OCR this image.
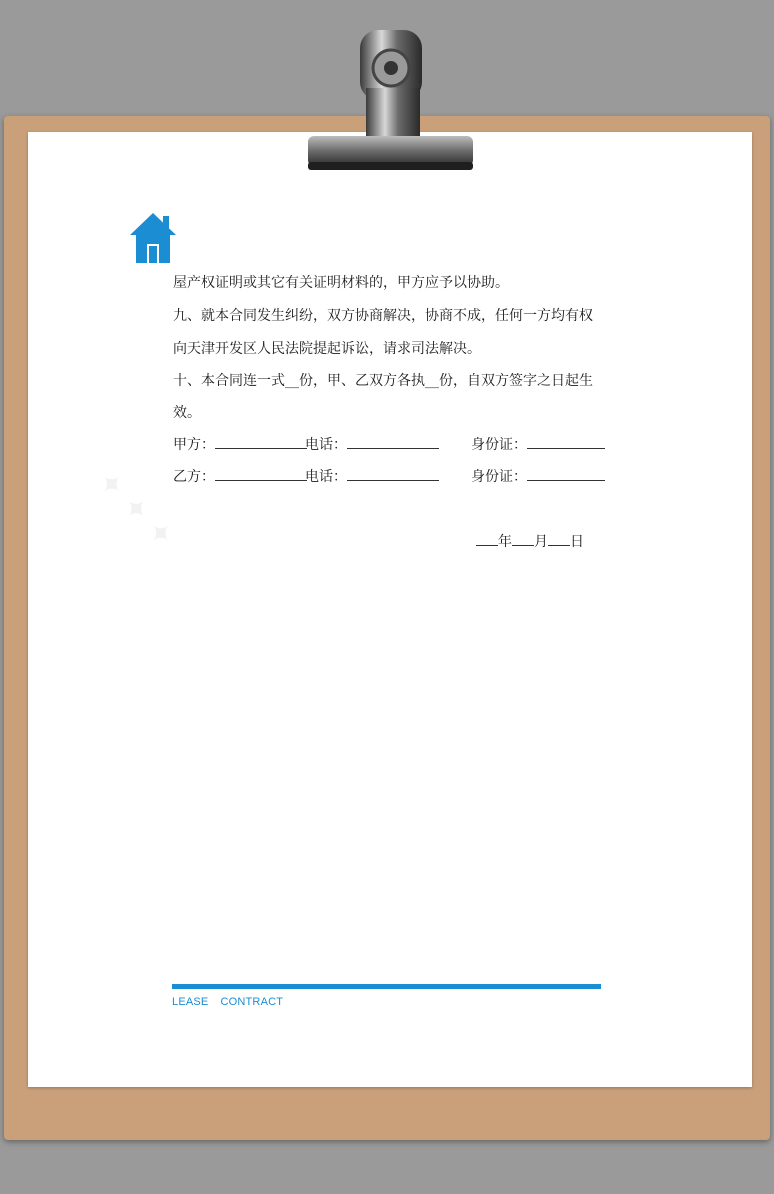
✦ ✦ ✦
屋产权证明或其它有关证明材料的，甲方应予以协助。
九、就本合同发生纠纷，双方协商解决，协商不成，任何一方均有权
向天津开发区人民法院提起诉讼，请求司法解决。
十、本合同连一式__份，甲、乙双方各执__份，自双方签字之日起生
效。
甲方：	电话：	身份证：
乙方：	电话：	身份证：
年 月 日
LEASE CONTRACT
